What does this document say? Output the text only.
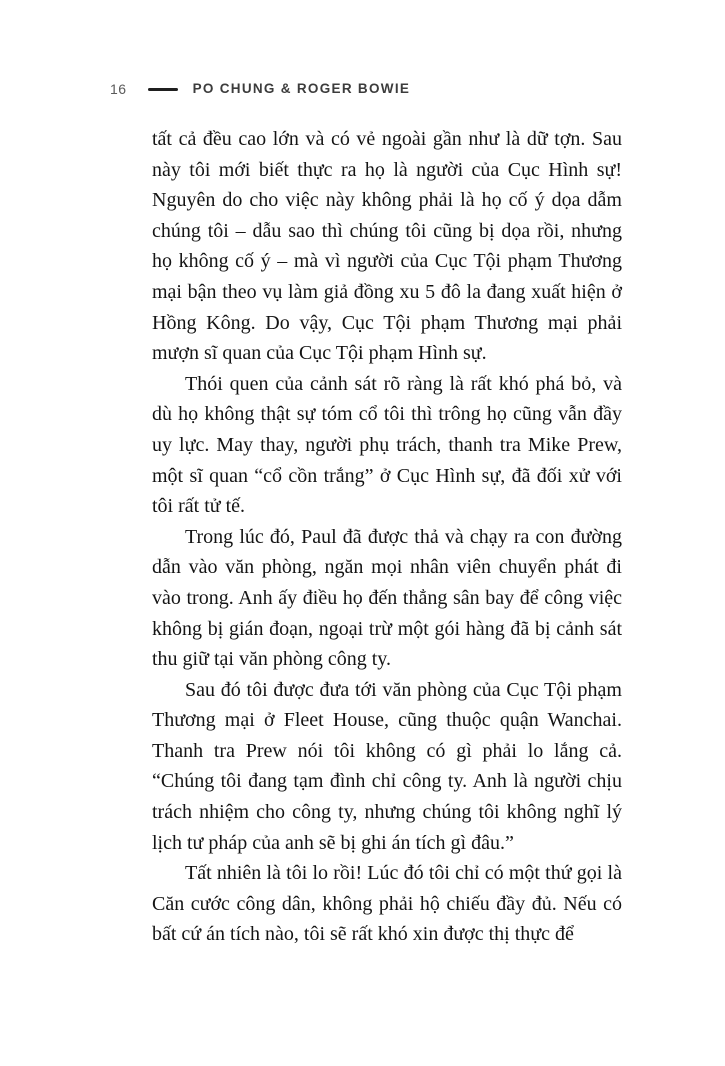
16	PO CHUNG & ROGER BOWIE

tất cả đều cao lớn và có vẻ ngoài gần như là dữ tợn. Sau này tôi mới biết thực ra họ là người của Cục Hình sự! Nguyên do cho việc này không phải là họ cố ý dọa dẫm chúng tôi – dẫu sao thì chúng tôi cũng bị dọa rồi, nhưng họ không cố ý – mà vì người của Cục Tội phạm Thương mại bận theo vụ làm giả đồng xu 5 đô la đang xuất hiện ở Hồng Kông. Do vậy, Cục Tội phạm Thương mại phải mượn sĩ quan của Cục Tội phạm Hình sự.

Thói quen của cảnh sát rõ ràng là rất khó phá bỏ, và dù họ không thật sự tóm cổ tôi thì trông họ cũng vẫn đầy uy lực. May thay, người phụ trách, thanh tra Mike Prew, một sĩ quan “cổ cồn trắng” ở Cục Hình sự, đã đối xử với tôi rất tử tế.

Trong lúc đó, Paul đã được thả và chạy ra con đường dẫn vào văn phòng, ngăn mọi nhân viên chuyển phát đi vào trong. Anh ấy điều họ đến thẳng sân bay để công việc không bị gián đoạn, ngoại trừ một gói hàng đã bị cảnh sát thu giữ tại văn phòng công ty.

Sau đó tôi được đưa tới văn phòng của Cục Tội phạm Thương mại ở Fleet House, cũng thuộc quận Wanchai. Thanh tra Prew nói tôi không có gì phải lo lắng cả. “Chúng tôi đang tạm đình chỉ công ty. Anh là người chịu trách nhiệm cho công ty, nhưng chúng tôi không nghĩ lý lịch tư pháp của anh sẽ bị ghi án tích gì đâu.”

Tất nhiên là tôi lo rồi! Lúc đó tôi chỉ có một thứ gọi là Căn cước công dân, không phải hộ chiếu đầy đủ. Nếu có bất cứ án tích nào, tôi sẽ rất khó xin được thị thực để
